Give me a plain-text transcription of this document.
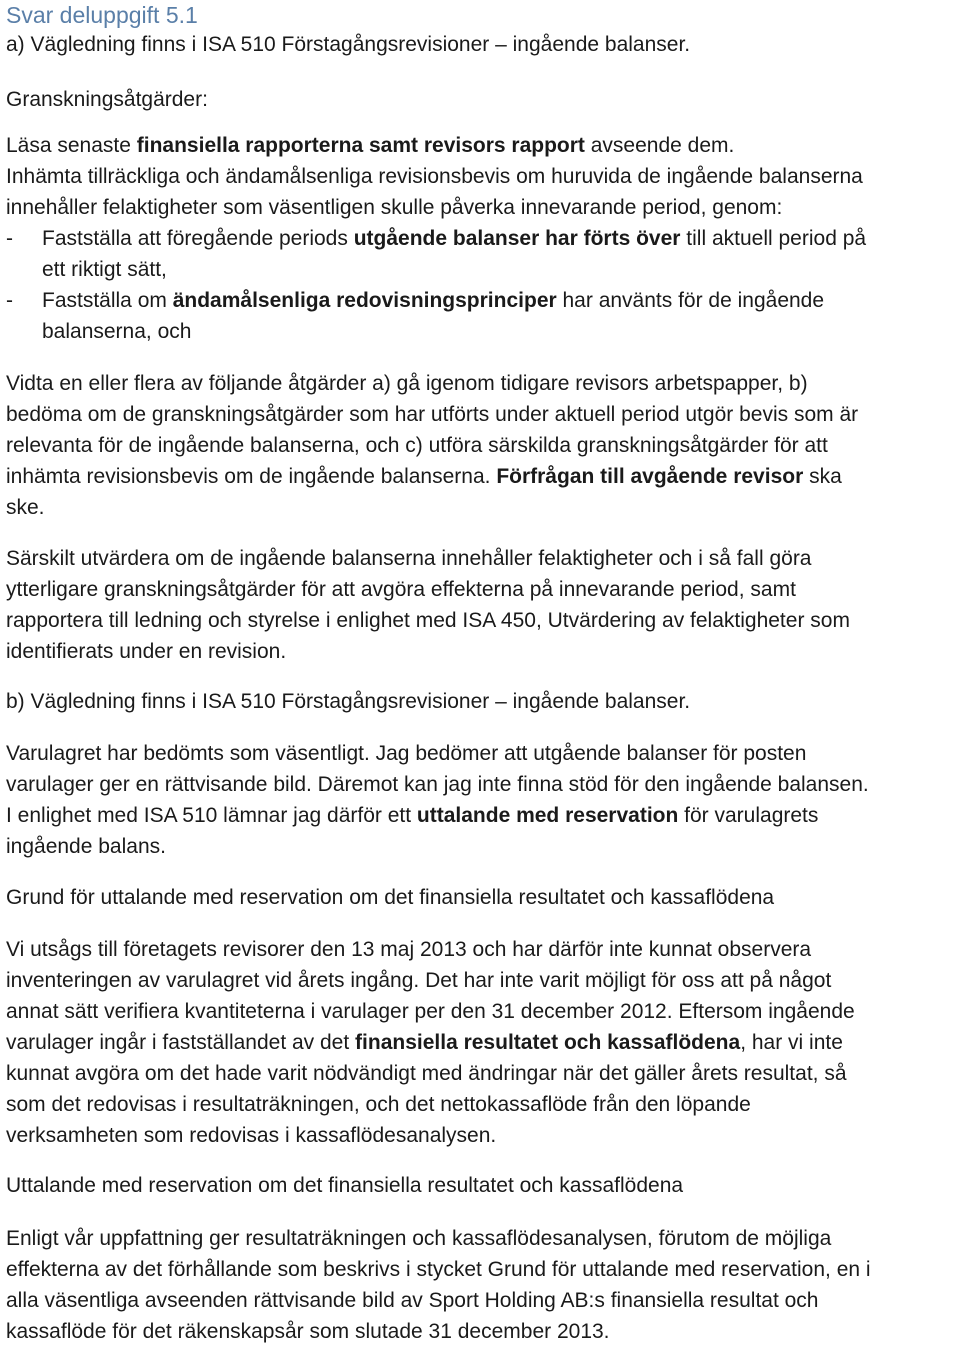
Svar deluppgift 5.1
a) Vägledning finns i ISA 510 Förstagångsrevisioner – ingående balanser.
Granskningsåtgärder:
Läsa senaste finansiella rapporterna samt revisors rapport avseende dem.
Inhämta tillräckliga och ändamålsenliga revisionsbevis om huruvida de ingående balanserna
innehåller felaktigheter som väsentligen skulle påverka innevarande period, genom:
- Fastställa att föregående periods utgående balanser har förts över till aktuell period på
ett riktigt sätt,
- Fastställa om ändamålsenliga redovisningsprinciper har använts för de ingående
balanserna, och
Vidta en eller flera av följande åtgärder a) gå igenom tidigare revisors arbetspapper, b)
bedöma om de granskningsåtgärder som har utförts under aktuell period utgör bevis som är
relevanta för de ingående balanserna, och c) utföra särskilda granskningsåtgärder för att
inhämta revisionsbevis om de ingående balanserna. Förfrågan till avgående revisor ska
ske.
Särskilt utvärdera om de ingående balanserna innehåller felaktigheter och i så fall göra
ytterligare granskningsåtgärder för att avgöra effekterna på innevarande period, samt
rapportera till ledning och styrelse i enlighet med ISA 450, Utvärdering av felaktigheter som
identifierats under en revision.
b) Vägledning finns i ISA 510 Förstagångsrevisioner – ingående balanser.
Varulagret har bedömts som väsentligt. Jag bedömer att utgående balanser för posten
varulager ger en rättvisande bild. Däremot kan jag inte finna stöd för den ingående balansen.
I enlighet med ISA 510 lämnar jag därför ett uttalande med reservation för varulagrets
ingående balans.
Grund för uttalande med reservation om det finansiella resultatet och kassaflödena
Vi utsågs till företagets revisorer den 13 maj 2013 och har därför inte kunnat observera
inventeringen av varulagret vid årets ingång. Det har inte varit möjligt för oss att på något
annat sätt verifiera kvantiteterna i varulager per den 31 december 2012. Eftersom ingående
varulager ingår i fastställandet av det finansiella resultatet och kassaflödena, har vi inte
kunnat avgöra om det hade varit nödvändigt med ändringar när det gäller årets resultat, så
som det redovisas i resultaträkningen, och det nettokassaflöde från den löpande
verksamheten som redovisas i kassaflödesanalysen.
Uttalande med reservation om det finansiella resultatet och kassaflödena
Enligt vår uppfattning ger resultaträkningen och kassaflödesanalysen, förutom de möjliga
effekterna av det förhållande som beskrivs i stycket Grund för uttalande med reservation, en i
alla väsentliga avseenden rättvisande bild av Sport Holding AB:s finansiella resultat och
kassaflöde för det räkenskapsår som slutade 31 december 2013.
